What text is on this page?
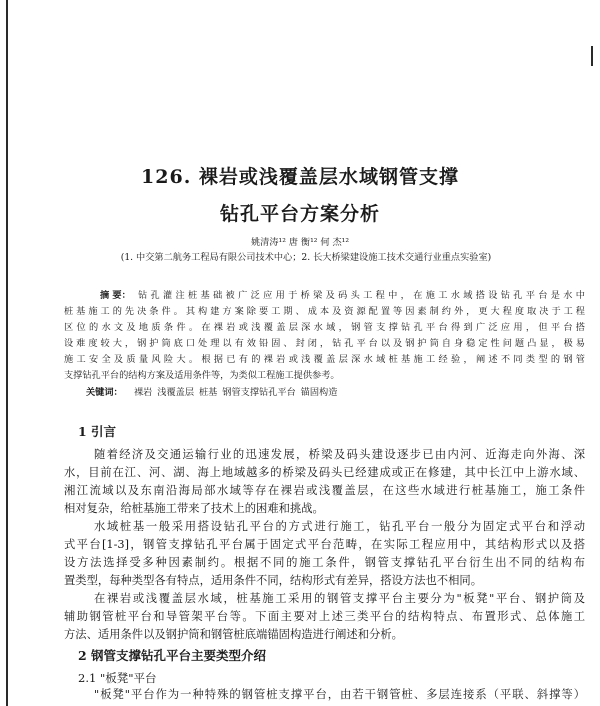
126. 裸岩或浅覆盖层水域钢管支撑
钻孔平台方案分析
姚清涛¹² 唐 衡¹² 何 杰¹²
(1. 中交第二航务工程局有限公司技术中心；2. 长大桥梁建设施工技术交通行业重点实验室)
摘 要： 钻孔灌注桩基础被广泛应用于桥梁及码头工程中，在施工水域搭设钻孔平台是水中
桩基施工的先决条件。其构建方案除要工期、成本及资源配置等因素制约外，更大程度取决于工程
区位的水文及地质条件。在裸岩或浅覆盖层深水域，钢管支撑钻孔平台得到广泛应用，但平台搭
设难度较大，钢护筒底口处理以有效铅固、封闭，钻孔平台以及钢护筒自身稳定性问题凸显，极易
施工安全及质量风险大。根据已有的裸岩或浅覆盖层深水域桩基施工经验，阐述不同类型的钢管
支撑钻孔平台的结构方案及适用条件等，为类似工程施工提供参考。
关键词：	裸岩 浅覆盖层 桩基 钢管支撑钻孔平台 锚固构造
1 引言
随着经济及交通运输行业的迅速发展，桥梁及码头建设逐步已由内河、近海走向外海、深
水，目前在江、河、湖、海上地域越多的桥梁及码头已经建成或正在修建，其中长江中上游水域、
湘江流域以及东南沿海局部水域等存在裸岩或浅覆盖层，在这些水域进行桩基施工，施工条件
相对复杂，给桩基施工带来了技术上的困难和挑战。
水域桩基一般采用搭设钻孔平台的方式进行施工，钻孔平台一般分为固定式平台和浮动
式平台[1-3]，钢管支撑钻孔平台属于固定式平台范畴，在实际工程应用中，其结构形式以及搭
设方法选择受多种因素制约。根据不同的施工条件，钢管支撑钻孔平台衍生出不同的结构布
置类型，每种类型各有特点，适用条件不同，结构形式有差异，搭设方法也不相同。
在裸岩或浅覆盖层水域，桩基施工采用的钢管支撑平台主要分为"板凳"平台、钢护筒及
辅助钢管桩平台和导管架平台等。下面主要对上述三类平台的结构特点、布置形式、总体施工
方法、适用条件以及钢护筒和钢管桩底端锚固构造进行阐述和分析。
2 钢管支撑钻孔平台主要类型介绍
2.1 "板凳"平台
"板凳"平台作为一种特殊的钢管桩支撑平台，由若干钢管桩、多层连接系（平联、斜撑等）
